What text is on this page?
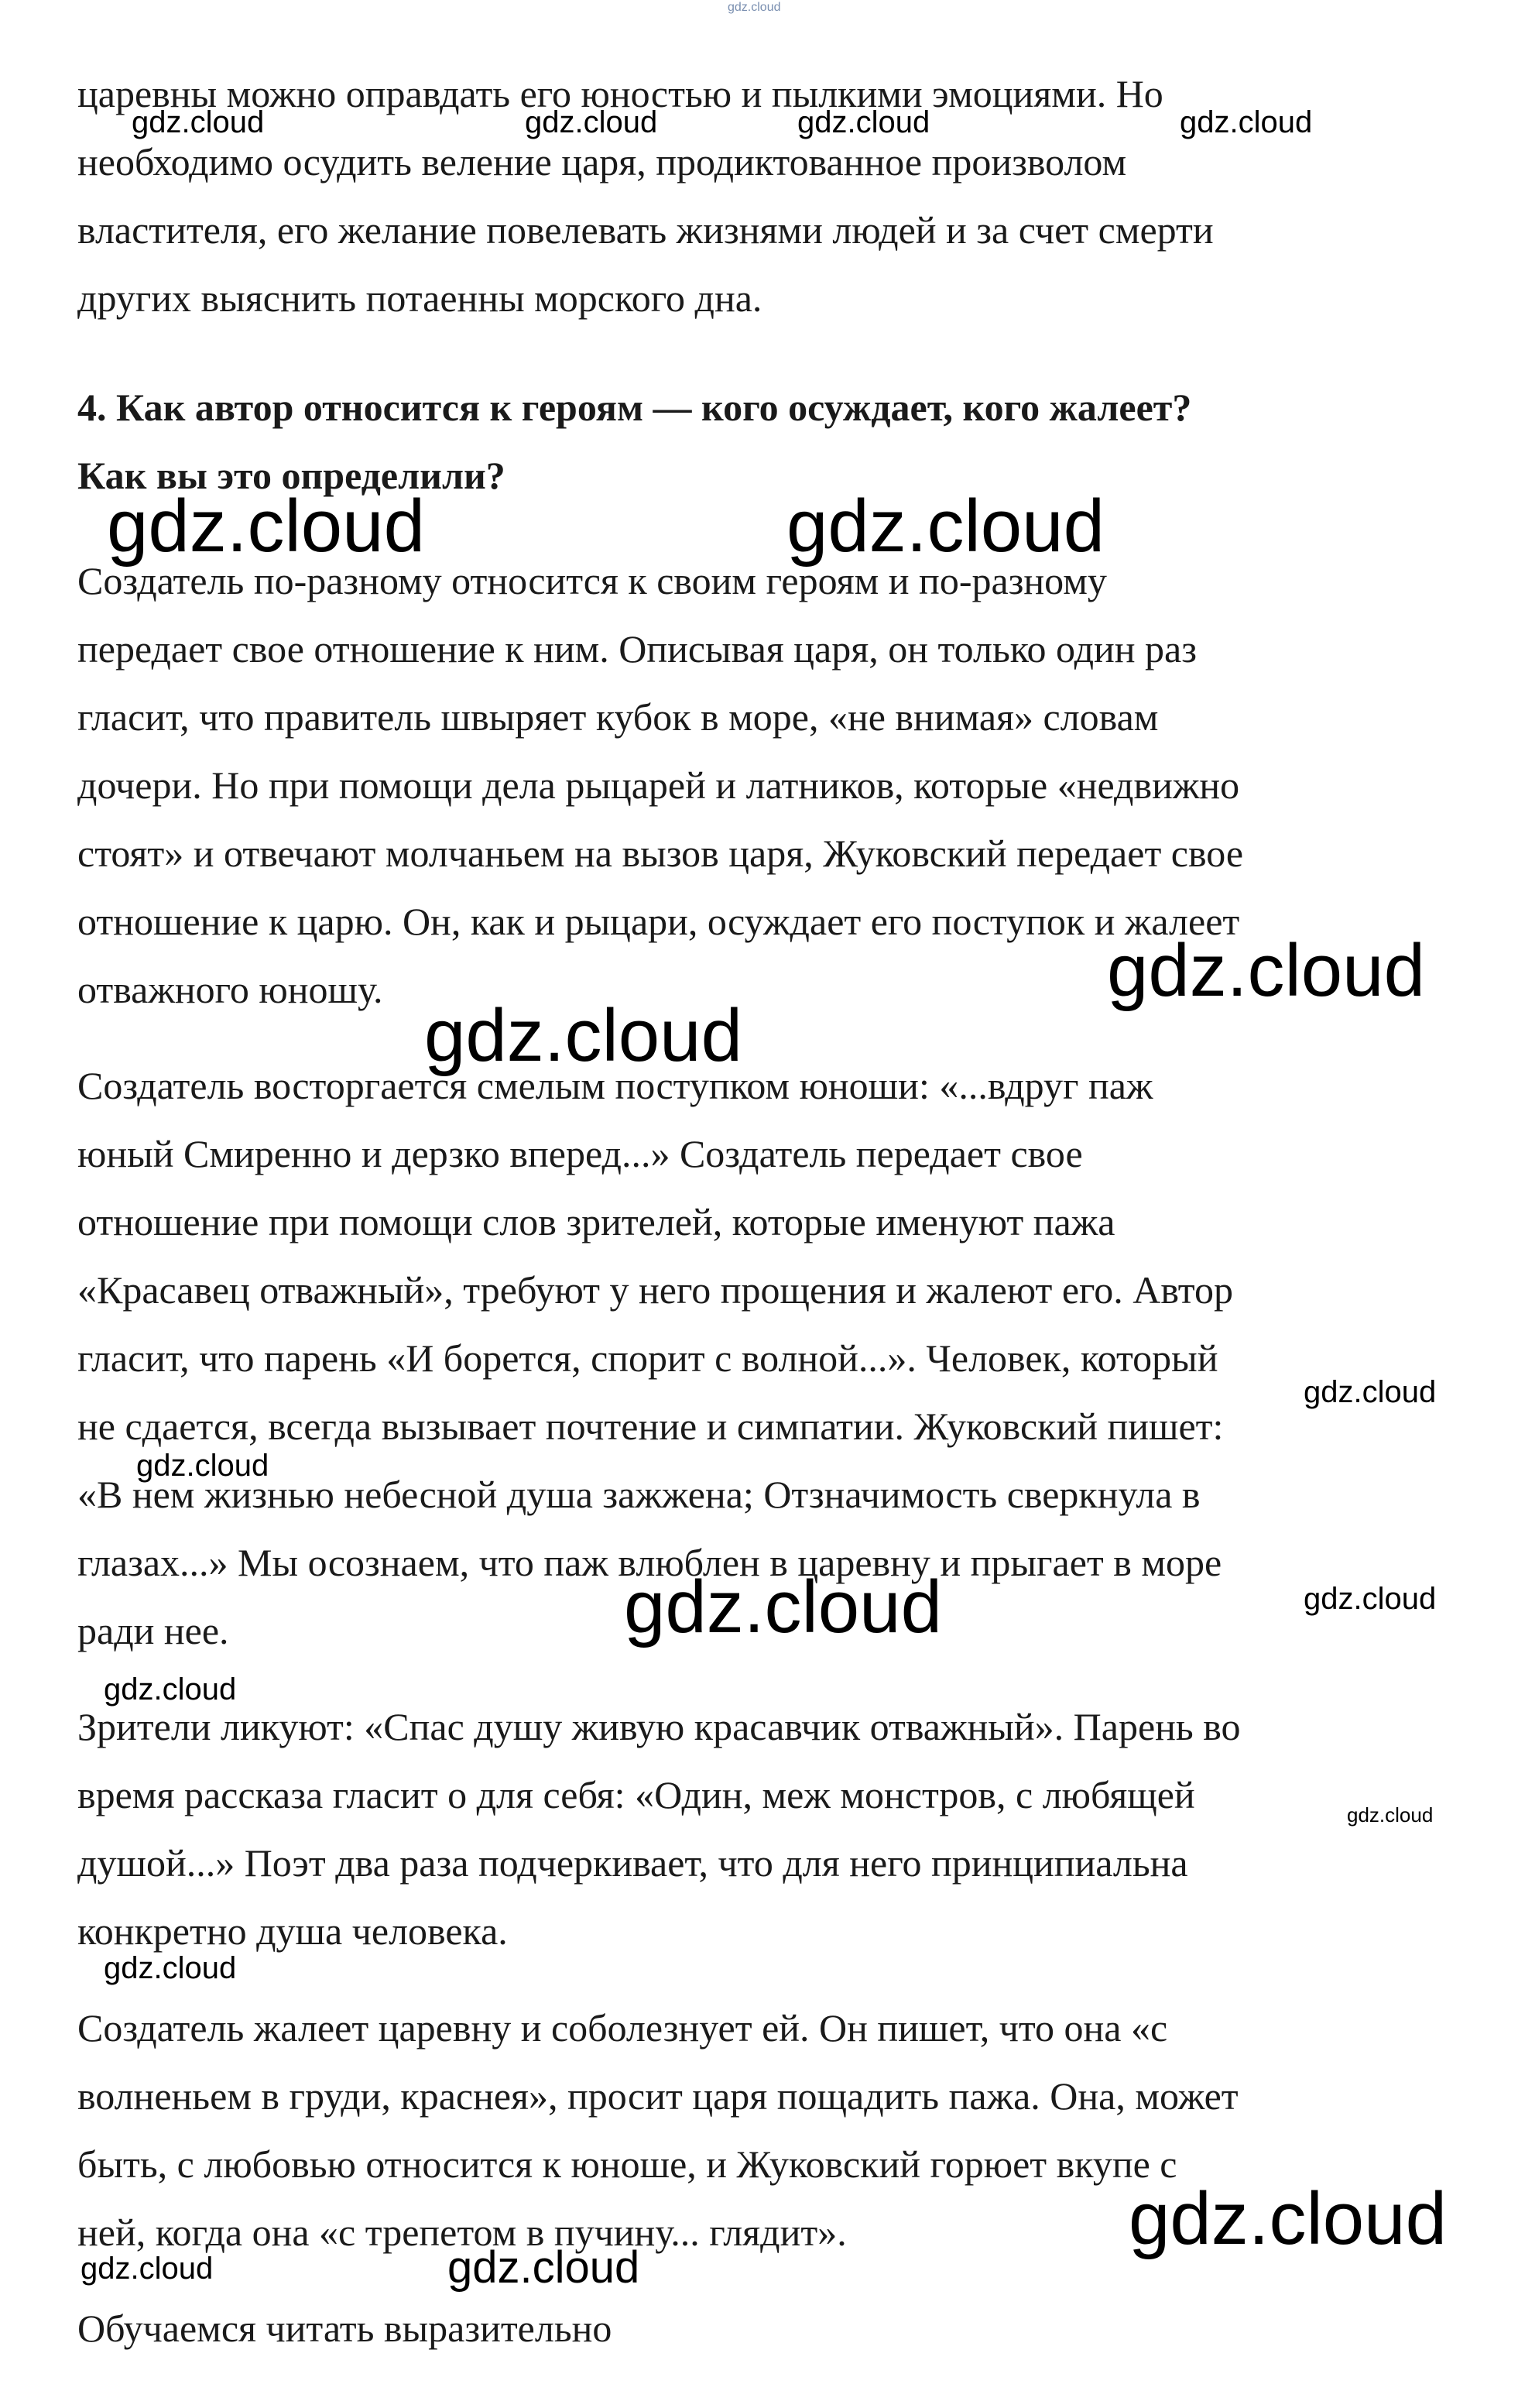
царевны можно оправдать его юностью и пылкими эмоциями. Но
необходимо осудить веление царя, продиктованное произволом
властителя, его желание повелевать жизнями людей и за счет смерти
других выяснить потаенны морского дна.
4. Как автор относится к героям — кого осуждает, кого жалеет?
Как вы это определили?
Создатель по-разному относится к своим героям и по-разному
передает свое отношение к ним. Описывая царя, он только один раз
гласит, что правитель швыряет кубок в море, «не внимая» словам
дочери. Но при помощи дела рыцарей и латников, которые «недвижно
стоят» и отвечают молчаньем на вызов царя, Жуковский передает свое
отношение к царю. Он, как и рыцари, осуждает его поступок и жалеет
отважного юношу.
Создатель восторгается смелым поступком юноши: «...вдруг паж
юный Смиренно и дерзко вперед...» Создатель передает свое
отношение при помощи слов зрителей, которые именуют пажа
«Красавец отважный», требуют у него прощения и жалеют его. Автор
гласит, что парень «И борется, спорит с волной...». Человек, который
не сдается, всегда вызывает почтение и симпатии. Жуковский пишет:
«В нем жизнью небесной душа зажжена; Отзначимость сверкнула в
глазах...» Мы осознаем, что паж влюблен в царевну и прыгает в море
ради нее.
Зрители ликуют: «Спас душу живую красавчик отважный». Парень во
время рассказа гласит о для себя: «Один, меж монстров, с любящей
душой...» Поэт два раза подчеркивает, что для него принципиальна
конкретно душа человека.
Создатель жалеет царевну и соболезнует ей. Он пишет, что она «с
волненьем в груди, краснея», просит царя пощадить пажа. Она, может
быть, с любовью относится к юноше, и Жуковский горюет вкупе с
ней, когда она «с трепетом в пучину... глядит».
Обучаемся читать выразительно
gdz.cloud
gdz.cloud	gdz.cloud	gdz.cloud	gdz.cloud
gdz.cloud	gdz.cloud
gdz.cloud
gdz.cloud
gdz.cloud
gdz.cloud
gdz.cloud
gdz.cloud
gdz.cloud
gdz.cloud
gdz.cloud
gdz.cloud
gdz.cloud	gdz.cloud
